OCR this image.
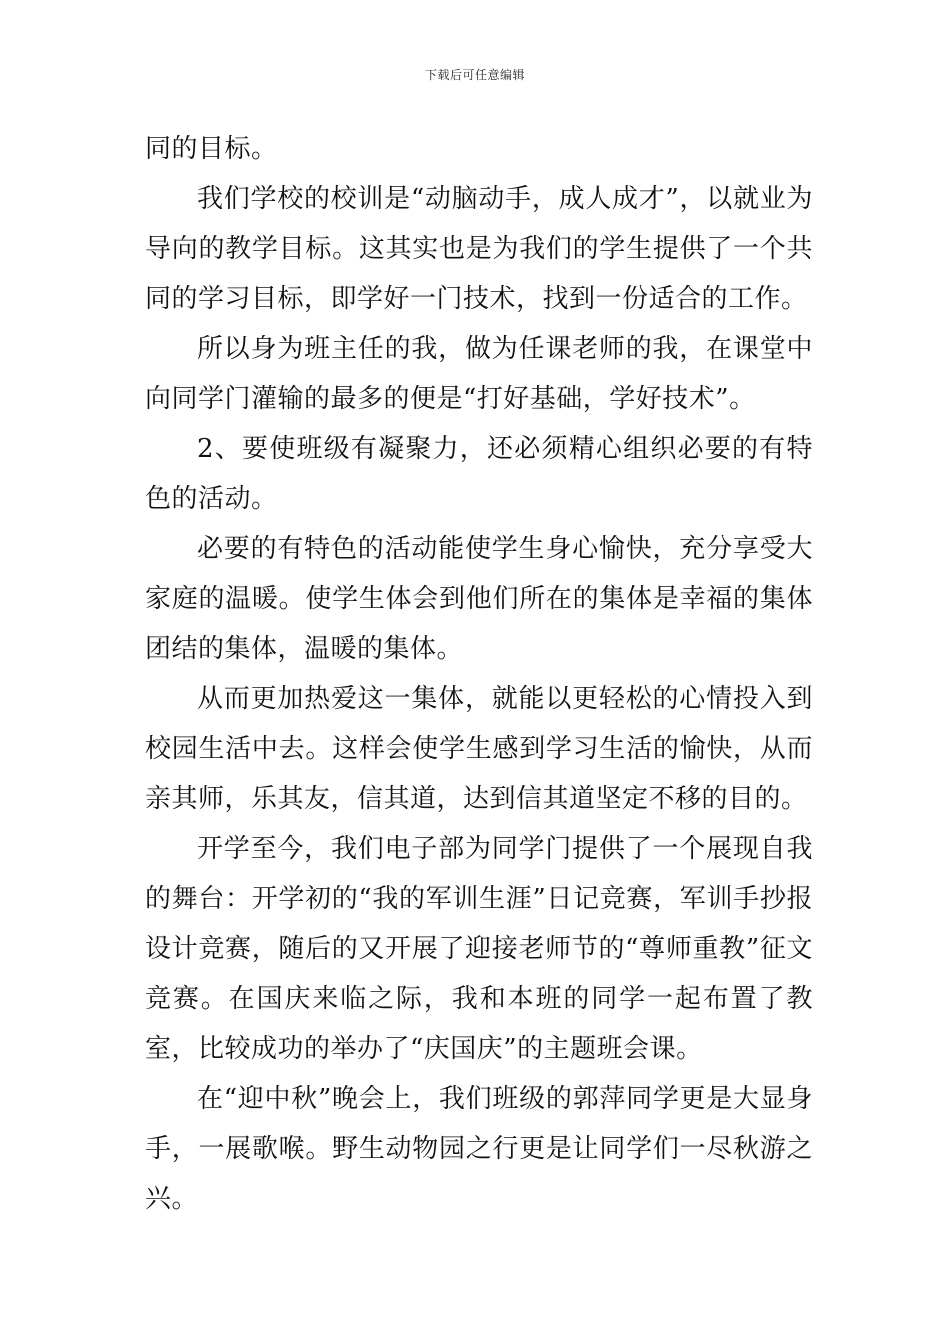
下载后可任意编辑

同的目标。

我们学校的校训是“动脑动手，成人成才”，以就业为导向的教学目标。这其实也是为我们的学生提供了一个共同的学习目标，即学好一门技术，找到一份适合的工作。

所以身为班主任的我，做为任课老师的我，在课堂中向同学门灌输的最多的便是“打好基础，学好技术”。

2、要使班级有凝聚力，还必须精心组织必要的有特色的活动。

必要的有特色的活动能使学生身心愉快，充分享受大家庭的温暖。使学生体会到他们所在的集体是幸福的集体团结的集体，温暖的集体。

从而更加热爱这一集体，就能以更轻松的心情投入到校园生活中去。这样会使学生感到学习生活的愉快，从而亲其师，乐其友，信其道，达到信其道坚定不移的目的。

开学至今，我们电子部为同学门提供了一个展现自我的舞台：开学初的“我的军训生涯”日记竞赛，军训手抄报设计竞赛，随后的又开展了迎接老师节的“尊师重教”征文竞赛。在国庆来临之际，我和本班的同学一起布置了教室，比较成功的举办了“庆国庆”的主题班会课。

在“迎中秋”晚会上，我们班级的郭萍同学更是大显身手，一展歌喉。野生动物园之行更是让同学们一尽秋游之兴。
